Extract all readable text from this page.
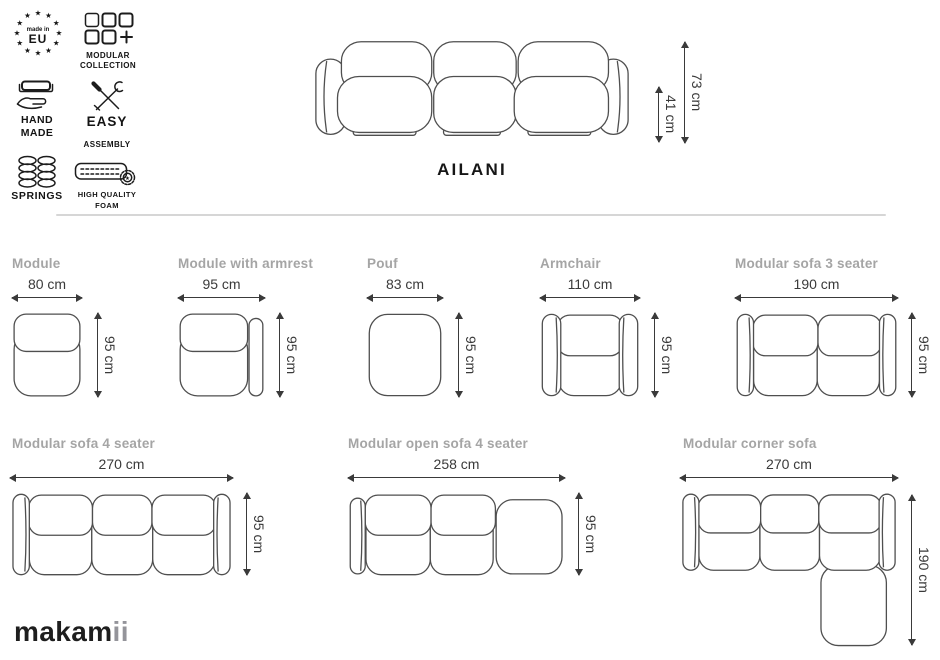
★ ★
★
★
★
★
★
★
★
★
★
★
made in
EU
MODULAR
COLLECTION
HAND
MADE
EASY
ASSEMBLY
SPRINGS
★
HIGH QUALITY
FOAM
AILANI
41 cm
73 cm
Module
80 cm
95 cm
Module with armrest
95 cm
95 cm
Pouf
83 cm
95 cm
Armchair
110 cm
95 cm
Modular sofa 3 seater
190 cm
95 cm
Modular sofa 4 seater
270 cm
95 cm
Modular open sofa 4 seater
258 cm
95 cm
Modular corner sofa
270 cm
190 cm
makamii
